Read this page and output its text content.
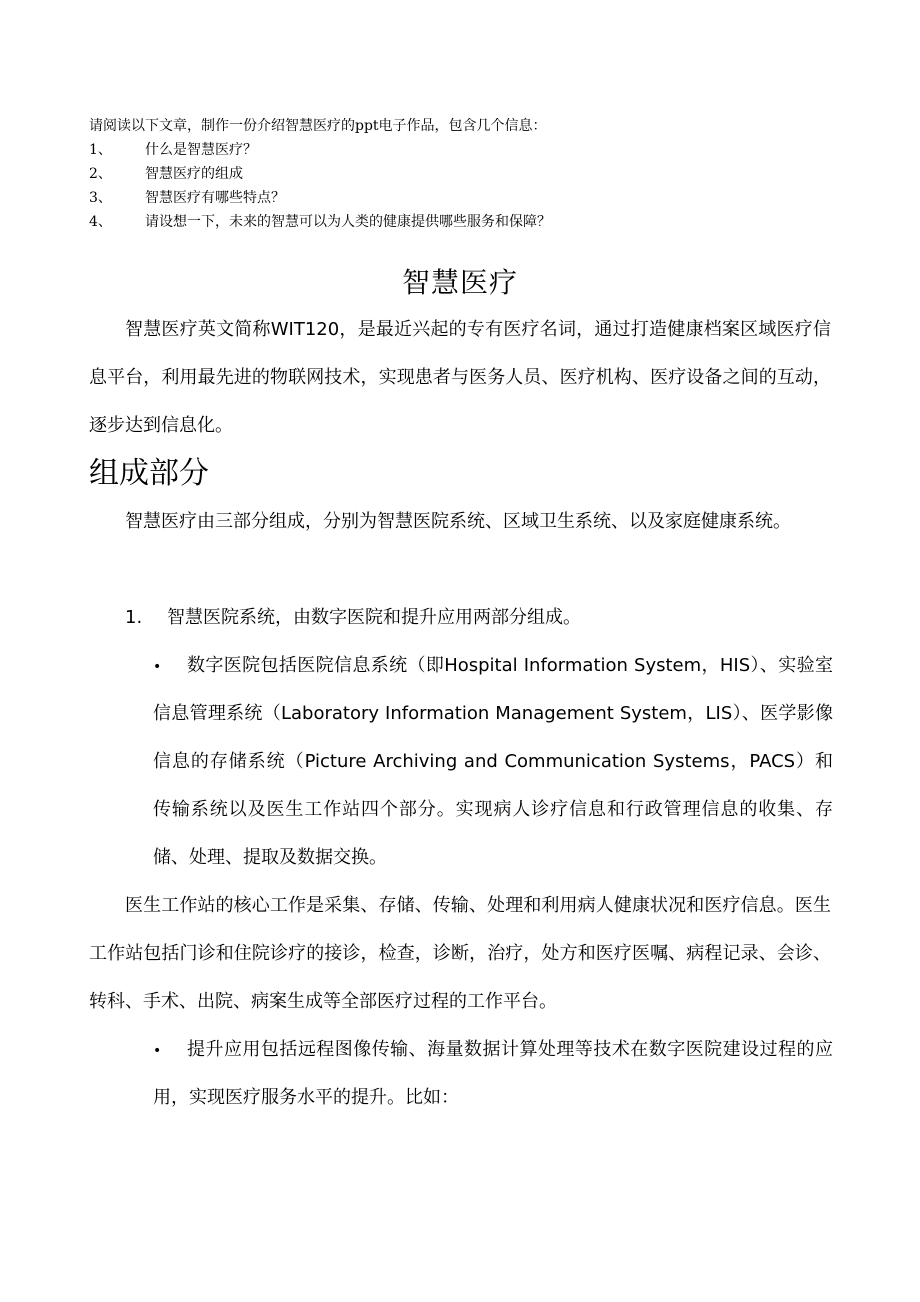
请阅读以下文章，制作一份介绍智慧医疗的ppt电子作品，包含几个信息：
1、	什么是智慧医疗？
2、	智慧医疗的组成
3、	智慧医疗有哪些特点？
4、	请设想一下，未来的智慧可以为人类的健康提供哪些服务和保障？
智慧医疗
智慧医疗英文简称WIT120，是最近兴起的专有医疗名词，通过打造健康档案区域医疗信息平台，利用最先进的物联网技术，实现患者与医务人员、医疗机构、医疗设备之间的互动，逐步达到信息化。
组成部分
智慧医疗由三部分组成，分别为智慧医院系统、区域卫生系统、以及家庭健康系统。
1.	智慧医院系统，由数字医院和提升应用两部分组成。
•	数字医院包括医院信息系统（即Hospital Information System，HIS）、实验室信息管理系统（Laboratory Information Management System，LIS）、医学影像信息的存储系统（Picture Archiving and Communication Systems，PACS）和传输系统以及医生工作站四个部分。实现病人诊疗信息和行政管理信息的收集、存储、处理、提取及数据交换。
医生工作站的核心工作是采集、存储、传输、处理和利用病人健康状况和医疗信息。医生工作站包括门诊和住院诊疗的接诊，检查，诊断，治疗，处方和医疗医嘱、病程记录、会诊、转科、手术、出院、病案生成等全部医疗过程的工作平台。
•	提升应用包括远程图像传输、海量数据计算处理等技术在数字医院建设过程的应用，实现医疗服务水平的提升。比如：
